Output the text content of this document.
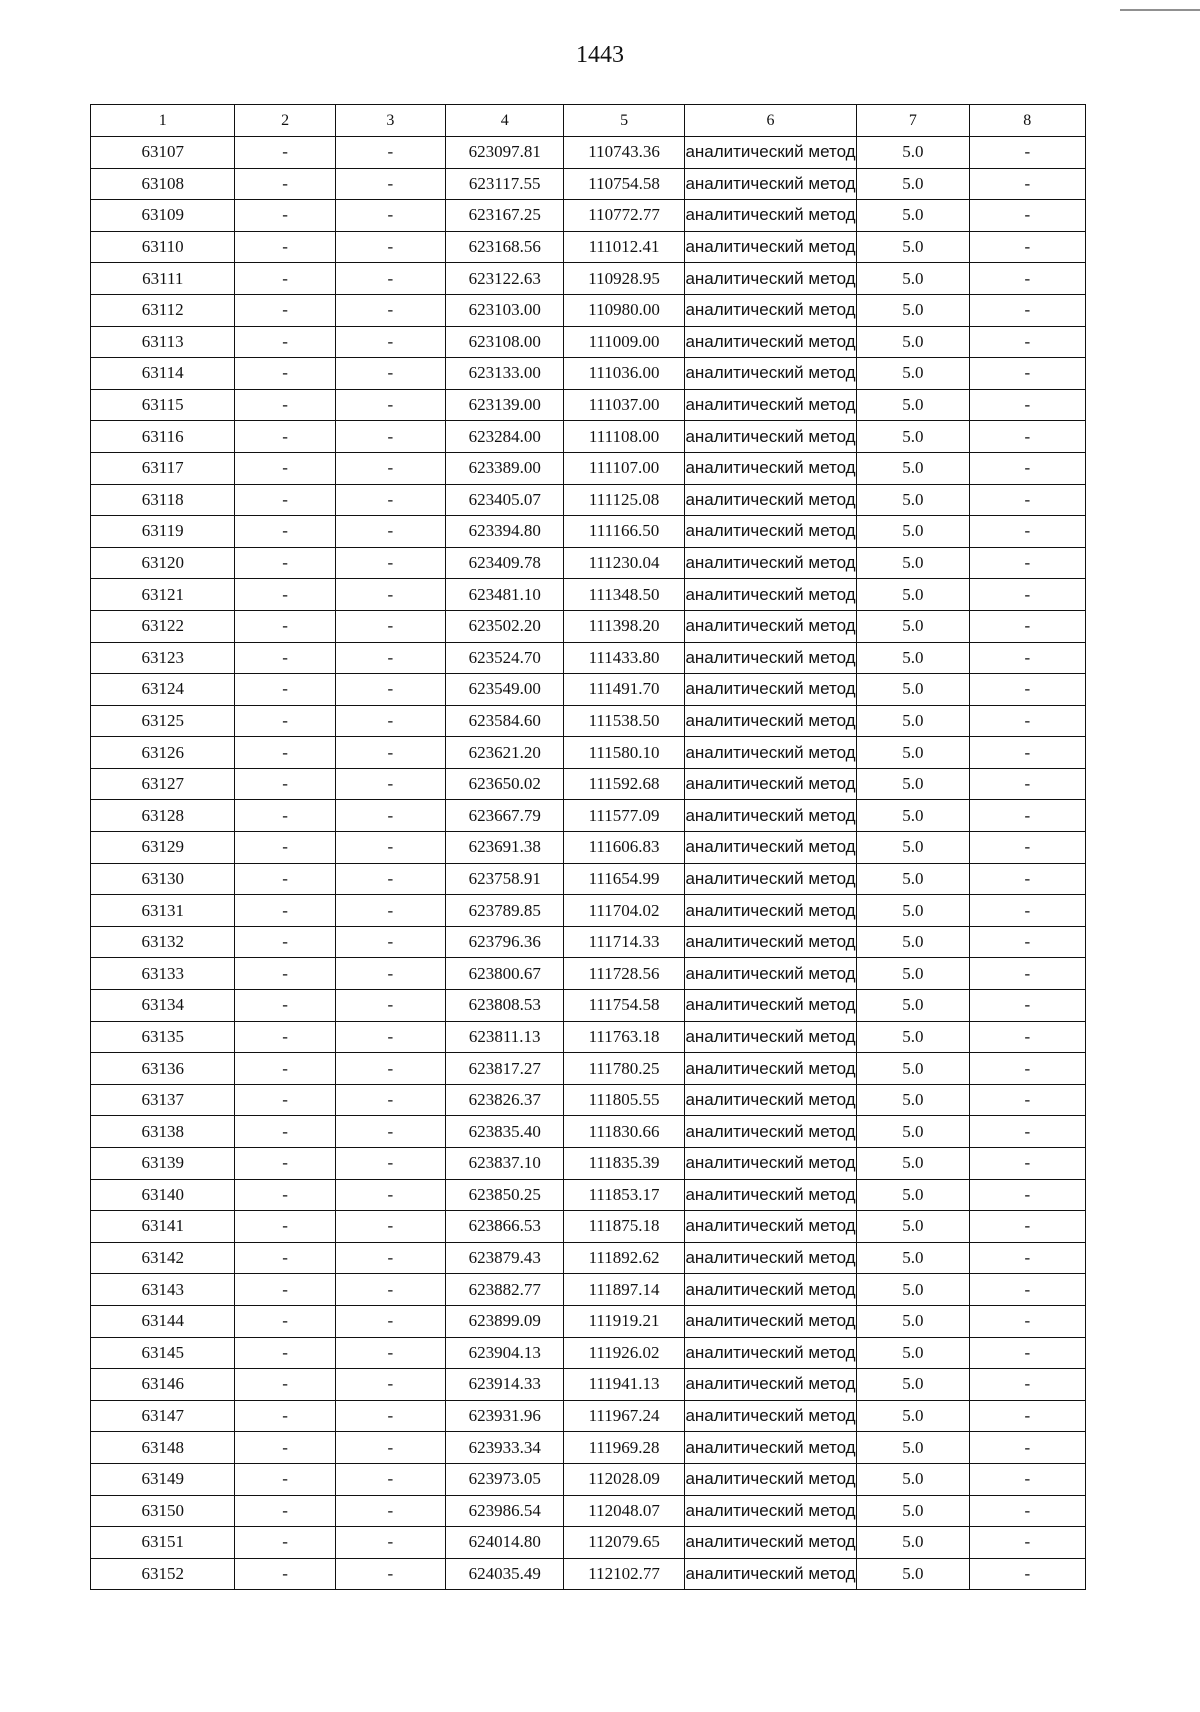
1443
1	2	3	4	5	6	7	8
63107	-	-	623097.81	110743.36	аналитический метод	5.0	-
63108	-	-	623117.55	110754.58	аналитический метод	5.0	-
63109	-	-	623167.25	110772.77	аналитический метод	5.0	-
63110	-	-	623168.56	111012.41	аналитический метод	5.0	-
63111	-	-	623122.63	110928.95	аналитический метод	5.0	-
63112	-	-	623103.00	110980.00	аналитический метод	5.0	-
63113	-	-	623108.00	111009.00	аналитический метод	5.0	-
63114	-	-	623133.00	111036.00	аналитический метод	5.0	-
63115	-	-	623139.00	111037.00	аналитический метод	5.0	-
63116	-	-	623284.00	111108.00	аналитический метод	5.0	-
63117	-	-	623389.00	111107.00	аналитический метод	5.0	-
63118	-	-	623405.07	111125.08	аналитический метод	5.0	-
63119	-	-	623394.80	111166.50	аналитический метод	5.0	-
63120	-	-	623409.78	111230.04	аналитический метод	5.0	-
63121	-	-	623481.10	111348.50	аналитический метод	5.0	-
63122	-	-	623502.20	111398.20	аналитический метод	5.0	-
63123	-	-	623524.70	111433.80	аналитический метод	5.0	-
63124	-	-	623549.00	111491.70	аналитический метод	5.0	-
63125	-	-	623584.60	111538.50	аналитический метод	5.0	-
63126	-	-	623621.20	111580.10	аналитический метод	5.0	-
63127	-	-	623650.02	111592.68	аналитический метод	5.0	-
63128	-	-	623667.79	111577.09	аналитический метод	5.0	-
63129	-	-	623691.38	111606.83	аналитический метод	5.0	-
63130	-	-	623758.91	111654.99	аналитический метод	5.0	-
63131	-	-	623789.85	111704.02	аналитический метод	5.0	-
63132	-	-	623796.36	111714.33	аналитический метод	5.0	-
63133	-	-	623800.67	111728.56	аналитический метод	5.0	-
63134	-	-	623808.53	111754.58	аналитический метод	5.0	-
63135	-	-	623811.13	111763.18	аналитический метод	5.0	-
63136	-	-	623817.27	111780.25	аналитический метод	5.0	-
63137	-	-	623826.37	111805.55	аналитический метод	5.0	-
63138	-	-	623835.40	111830.66	аналитический метод	5.0	-
63139	-	-	623837.10	111835.39	аналитический метод	5.0	-
63140	-	-	623850.25	111853.17	аналитический метод	5.0	-
63141	-	-	623866.53	111875.18	аналитический метод	5.0	-
63142	-	-	623879.43	111892.62	аналитический метод	5.0	-
63143	-	-	623882.77	111897.14	аналитический метод	5.0	-
63144	-	-	623899.09	111919.21	аналитический метод	5.0	-
63145	-	-	623904.13	111926.02	аналитический метод	5.0	-
63146	-	-	623914.33	111941.13	аналитический метод	5.0	-
63147	-	-	623931.96	111967.24	аналитический метод	5.0	-
63148	-	-	623933.34	111969.28	аналитический метод	5.0	-
63149	-	-	623973.05	112028.09	аналитический метод	5.0	-
63150	-	-	623986.54	112048.07	аналитический метод	5.0	-
63151	-	-	624014.80	112079.65	аналитический метод	5.0	-
63152	-	-	624035.49	112102.77	аналитический метод	5.0	-
